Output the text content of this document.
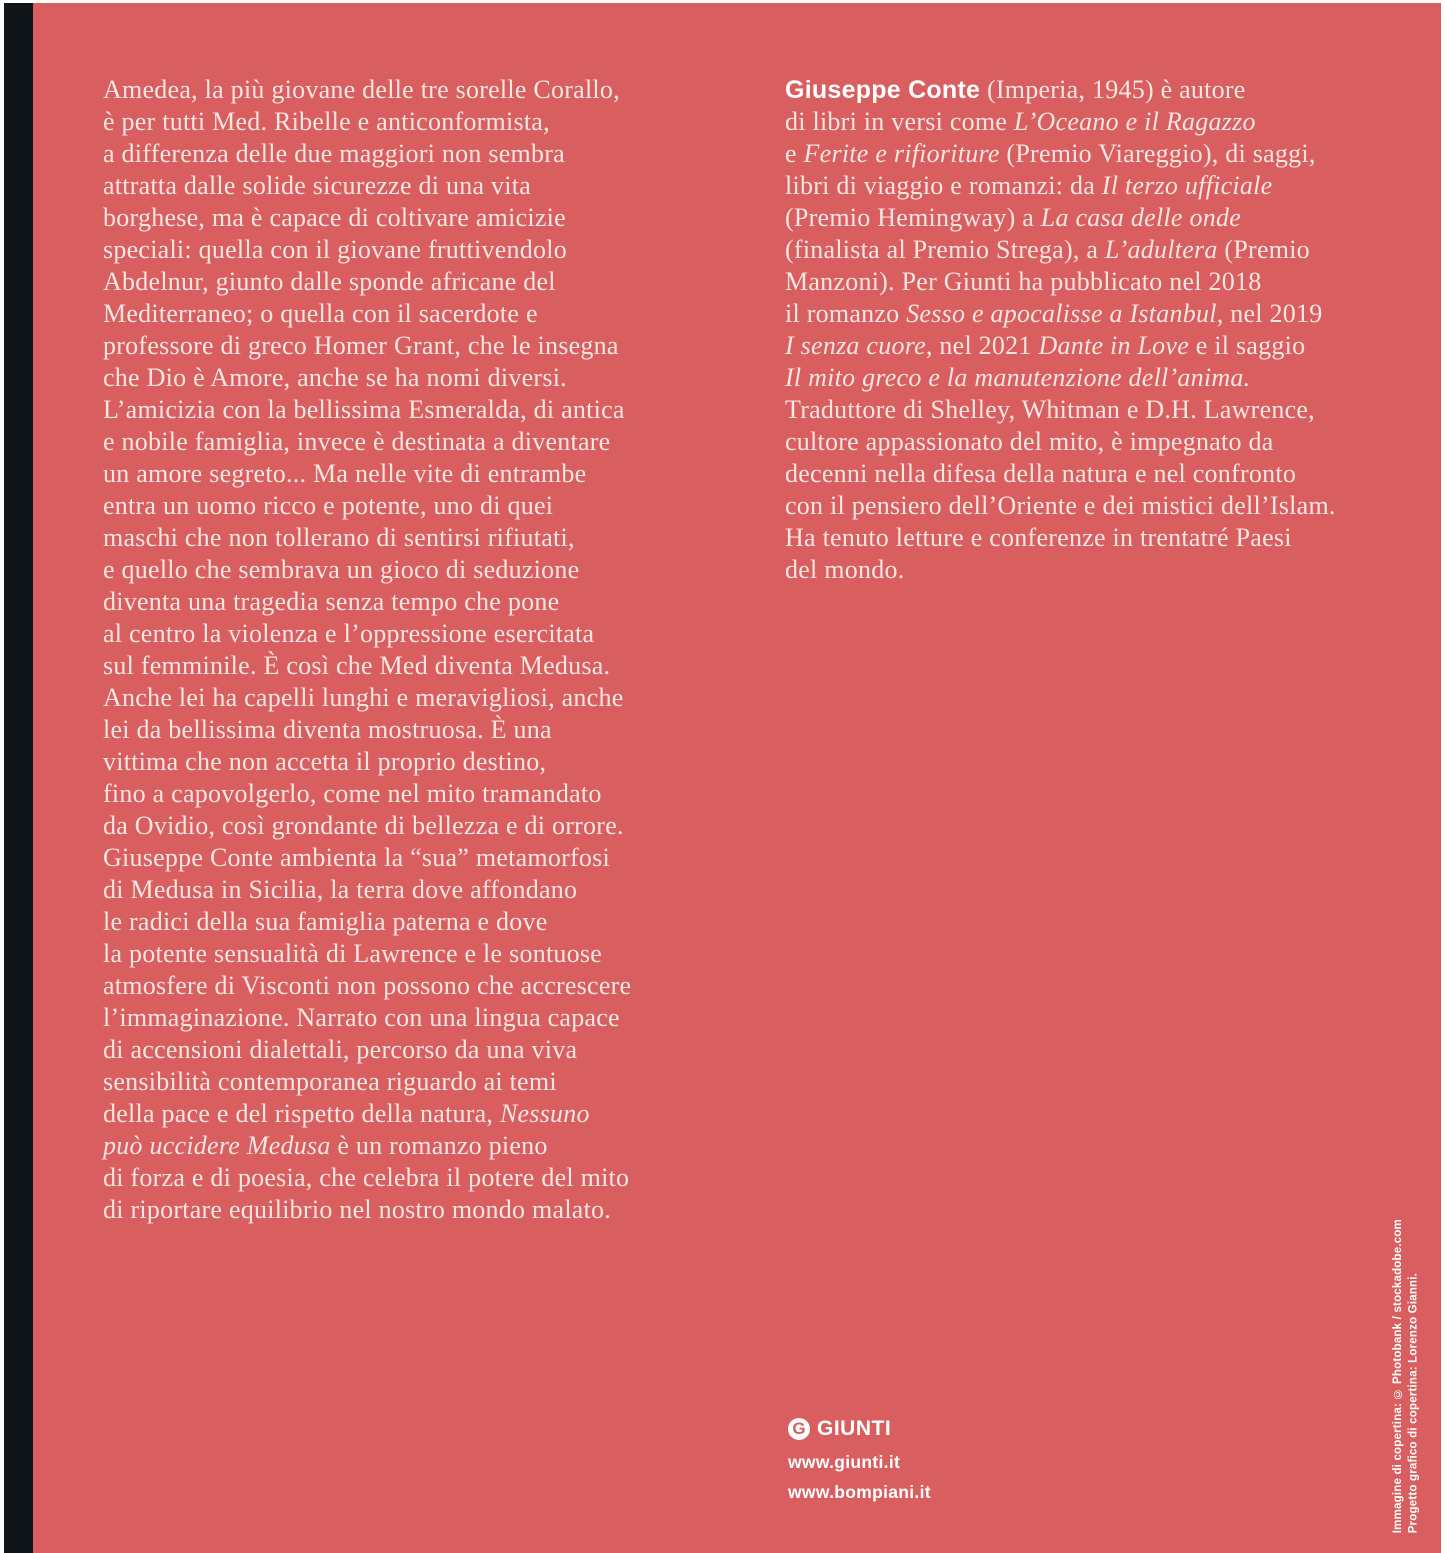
Amedea, la più giovane delle tre sorelle Corallo,
è per tutti Med. Ribelle e anticonformista,
a differenza delle due maggiori non sembra
attratta dalle solide sicurezze di una vita
borghese, ma è capace di coltivare amicizie
speciali: quella con il giovane fruttivendolo
Abdelnur, giunto dalle sponde africane del
Mediterraneo; o quella con il sacerdote e
professore di greco Homer Grant, che le insegna
che Dio è Amore, anche se ha nomi diversi.
L’amicizia con la bellissima Esmeralda, di antica
e nobile famiglia, invece è destinata a diventare
un amore segreto... Ma nelle vite di entrambe
entra un uomo ricco e potente, uno di quei
maschi che non tollerano di sentirsi rifiutati,
e quello che sembrava un gioco di seduzione
diventa una tragedia senza tempo che pone
al centro la violenza e l’oppressione esercitata
sul femminile. È così che Med diventa Medusa.
Anche lei ha capelli lunghi e meravigliosi, anche
lei da bellissima diventa mostruosa. È una
vittima che non accetta il proprio destino,
fino a capovolgerlo, come nel mito tramandato
da Ovidio, così grondante di bellezza e di orrore.
Giuseppe Conte ambienta la “sua” metamorfosi
di Medusa in Sicilia, la terra dove affondano
le radici della sua famiglia paterna e dove
la potente sensualità di Lawrence e le sontuose
atmosfere di Visconti non possono che accrescere
l’immaginazione. Narrato con una lingua capace
di accensioni dialettali, percorso da una viva
sensibilità contemporanea riguardo ai temi
della pace e del rispetto della natura, Nessuno
può uccidere Medusa è un romanzo pieno
di forza e di poesia, che celebra il potere del mito
di riportare equilibrio nel nostro mondo malato.
Giuseppe Conte (Imperia, 1945) è autore
di libri in versi come L’Oceano e il Ragazzo
e Ferite e rifioriture (Premio Viareggio), di saggi,
libri di viaggio e romanzi: da Il terzo ufficiale
(Premio Hemingway) a La casa delle onde
(finalista al Premio Strega), a L’adultera (Premio
Manzoni). Per Giunti ha pubblicato nel 2018
il romanzo Sesso e apocalisse a Istanbul, nel 2019
I senza cuore, nel 2021 Dante in Love e il saggio
Il mito greco e la manutenzione dell’anima.
Traduttore di Shelley, Whitman e D.H. Lawrence,
cultore appassionato del mito, è impegnato da
decenni nella difesa della natura e nel confronto
con il pensiero dell’Oriente e dei mistici dell’Islam.
Ha tenuto letture e conferenze in trentatré Paesi
del mondo.
G GIUNTI
www.giunti.it
www.bompiani.it	Immagine di copertina: © Photobank / stockadobe.com Progetto grafico di copertina: Lorenzo Gianni.
